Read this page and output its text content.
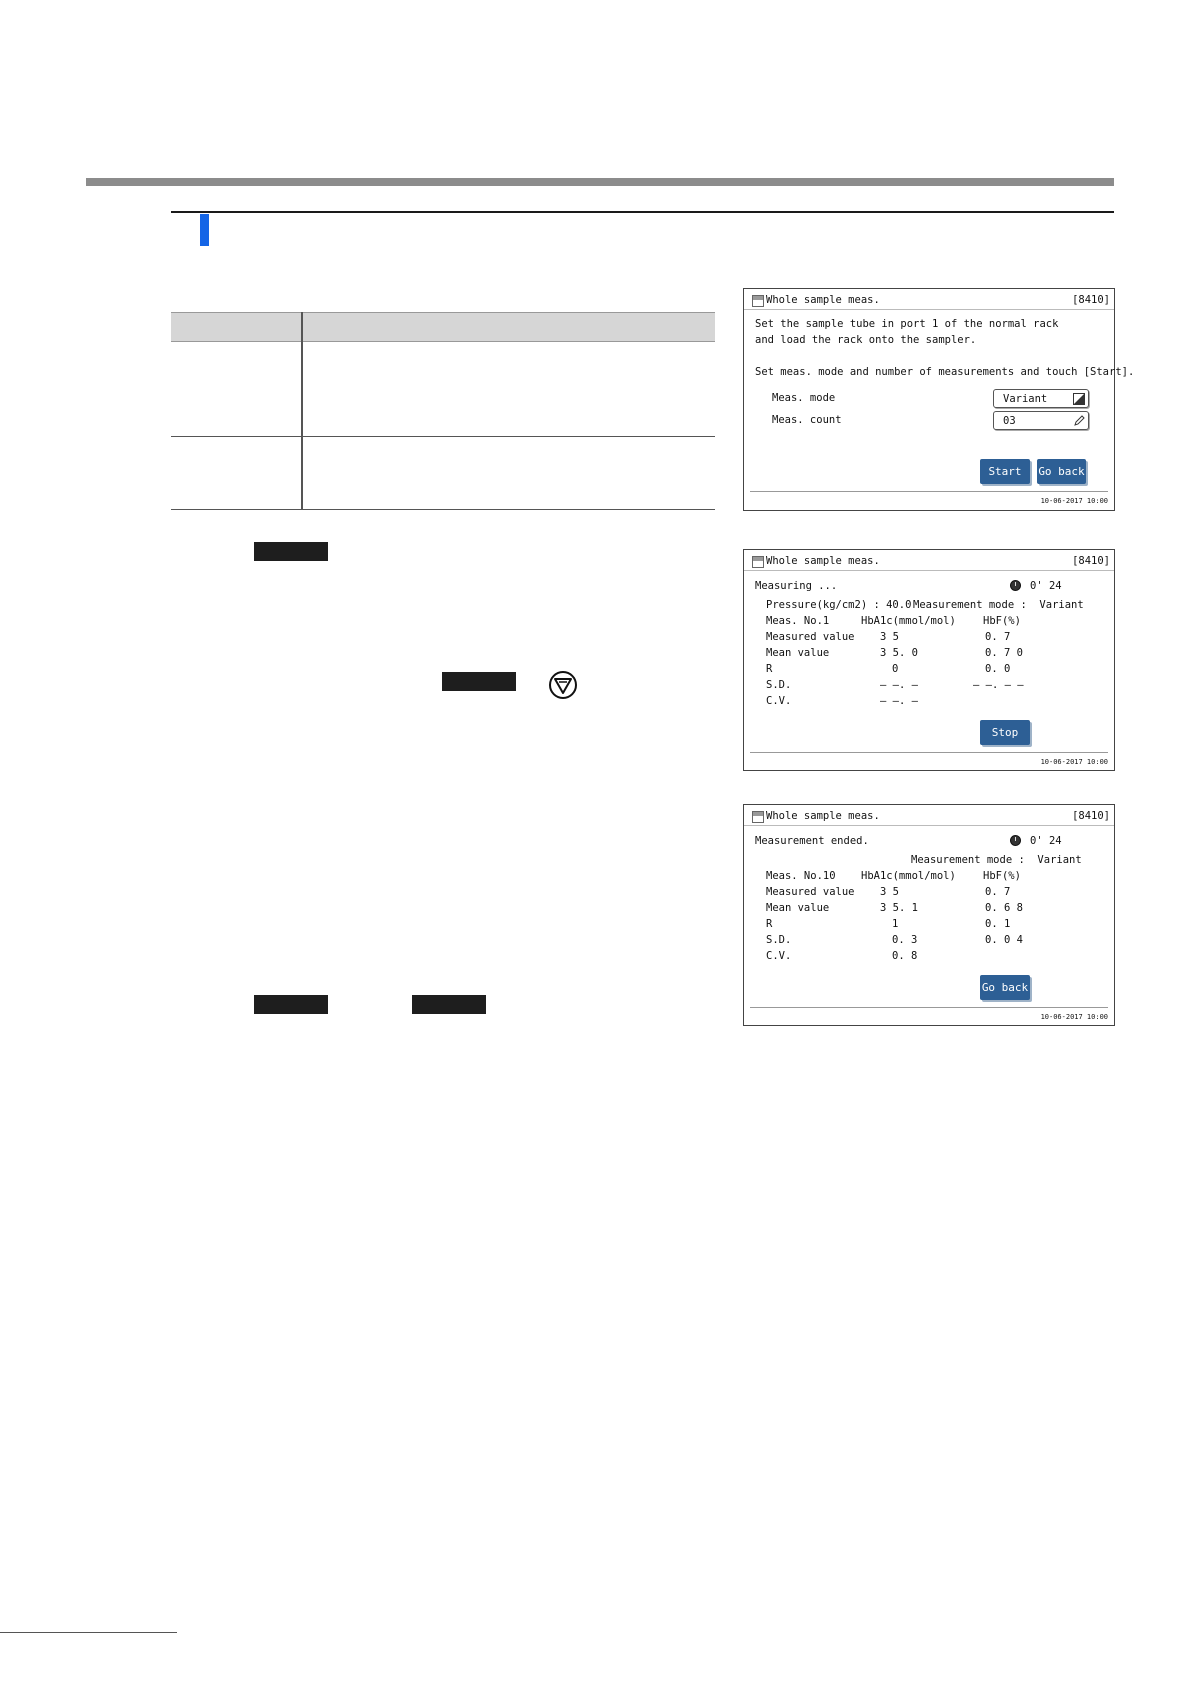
Whole sample meas.	[8410]
Set the sample tube in port 1 of the normal rack
and load the rack onto the sampler.
Set meas. mode and number of measurements and touch [Start].
Meas. mode	Variant
Meas. count	03
Start	Go back
10-06-2017 10:00
Whole sample meas.	[8410]
Measuring ...	0' 24
Pressure(kg/cm2) : 40.0 Measurement mode :  Variant
Meas. No.1	HbA1c(mmol/mol)	HbF(%)
Measured value 3 5	0. 7
Mean value	3 5. 0	0. 7 0
R	0	0. 0
S.D.	— —. —	— —. — —
C.V.	— —. —
Stop
10-06-2017 10:00
Whole sample meas.	[8410]
Measurement ended.	0' 24
Measurement mode :  Variant
Meas. No.10 HbA1c(mmol/mol)	HbF(%)
Measured value 3 5	0. 7
Mean value	3 5. 1	0. 6 8
R	1	0. 1
S.D.	0. 3	0. 0 4
C.V.	0. 8
Go back
10-06-2017 10:00
